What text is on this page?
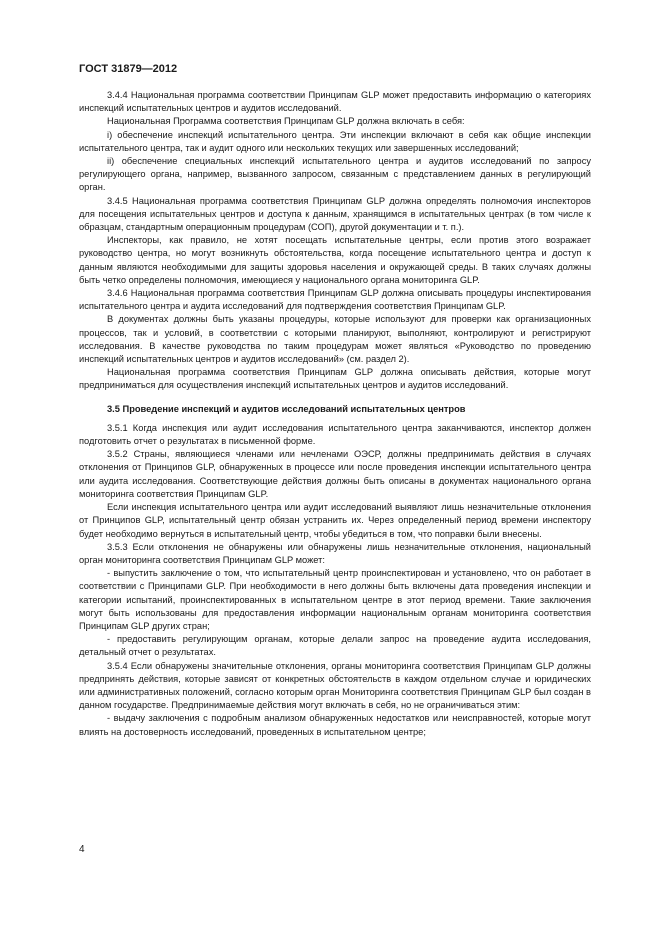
ГОСТ 31879—2012

3.4.4 Национальная программа соответствии Принципам GLP может предоставить информацию о категориях инспекций испытательных центров и аудитов исследований.

Национальная Программа соответствия Принципам GLP должна включать в себя:

i) обеспечение инспекций испытательного центра. Эти инспекции включают в себя как общие инспекции испытательного центра, так и аудит одного или нескольких текущих или завершенных исследований;

ii) обеспечение специальных инспекций испытательного центра и аудитов исследований по запросу регулирующего органа, например, вызванного запросом, связанным с представлением данных в регулирующий орган.

3.4.5 Национальная программа соответствия Принципам GLP должна определять полномочия инспекторов для посещения испытательных центров и доступа к данным, хранящимся в испытательных центрах (в том числе к образцам, стандартным операционным процедурам (СОП), другой документации и т. п.).

Инспекторы, как правило, не хотят посещать испытательные центры, если против этого возражает руководство центра, но могут возникнуть обстоятельства, когда посещение испытательного центра и доступ к данным являются необходимыми для защиты здоровья населения и окружающей среды. В таких случаях должны быть четко определены полномочия, имеющиеся у национального органа мониторинга GLP.

3.4.6 Национальная программа соответствия Принципам GLP должна описывать процедуры инспектирования испытательного центра и аудита исследований для подтверждения соответствия Принципам GLP.

В документах должны быть указаны процедуры, которые используют для проверки как организационных процессов, так и условий, в соответствии с которыми планируют, выполняют, контролируют и регистрируют исследования. В качестве руководства по таким процедурам может являться «Руководство по проведению инспекций испытательных центров и аудитов исследований» (см. раздел 2).

Национальная программа соответствия Принципам GLP должна описывать действия, которые могут предприниматься для осуществления инспекций испытательных центров и аудитов исследований.

3.5 Проведение инспекций и аудитов исследований испытательных центров

3.5.1 Когда инспекция или аудит исследования испытательного центра заканчиваются, инспектор должен подготовить отчет о результатах в письменной форме.

3.5.2 Страны, являющиеся членами или нечленами ОЭСР, должны предпринимать действия в случаях отклонения от Принципов GLP, обнаруженных в процессе или после проведения инспекции испытательного центра или аудита исследования. Соответствующие действия должны быть описаны в документах национального органа мониторинга соответствия Принципам GLP.

Если инспекция испытательного центра или аудит исследований выявляют лишь незначительные отклонения от Принципов GLP, испытательный центр обязан устранить их. Через определенный период времени инспектору будет необходимо вернуться в испытательный центр, чтобы убедиться в том, что поправки были внесены.

3.5.3 Если отклонения не обнаружены или обнаружены лишь незначительные отклонения, национальный орган мониторинга соответствия Принципам GLP может:

- выпустить заключение о том, что испытательный центр проинспектирован и установлено, что он работает в соответствии с Принципами GLP. При необходимости в него должны быть включены дата проведения инспекции и категории испытаний, проинспектированных в испытательном центре в этот период времени. Такие заключения могут быть использованы для предоставления информации национальным органам мониторинга соответствия Принципам GLP других стран;

- предоставить регулирующим органам, которые делали запрос на проведение аудита исследования, детальный отчет о результатах.

3.5.4 Если обнаружены значительные отклонения, органы мониторинга соответствия Принципам GLP должны предпринять действия, которые зависят от конкретных обстоятельств в каждом отдельном случае и юридических или административных положений, согласно которым орган Мониторинга соответствия Принципам GLP был создан в данном государстве. Предпринимаемые действия могут включать в себя, но не ограничиваться этим:

- выдачу заключения с подробным анализом обнаруженных недостатков или неисправностей, которые могут влиять на достоверность исследований, проведенных в испытательном центре;

4
